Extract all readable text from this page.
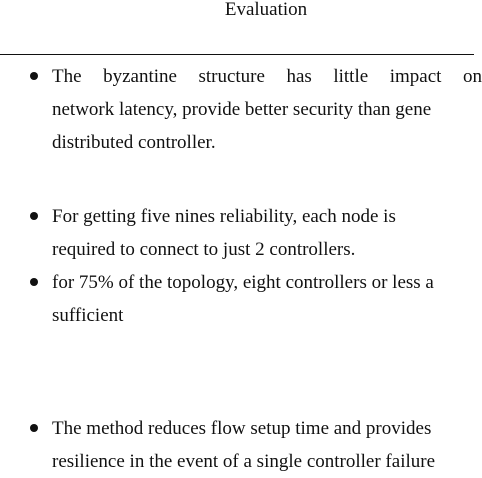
Evaluation
The byzantine structure has little impact on
network latency, provide better security than gene
distributed controller.
For getting five nines reliability, each node is
required to connect to just 2 controllers.
for 75% of the topology, eight controllers or less a
sufficient
The method reduces flow setup time and provides
resilience in the event of a single controller failure
